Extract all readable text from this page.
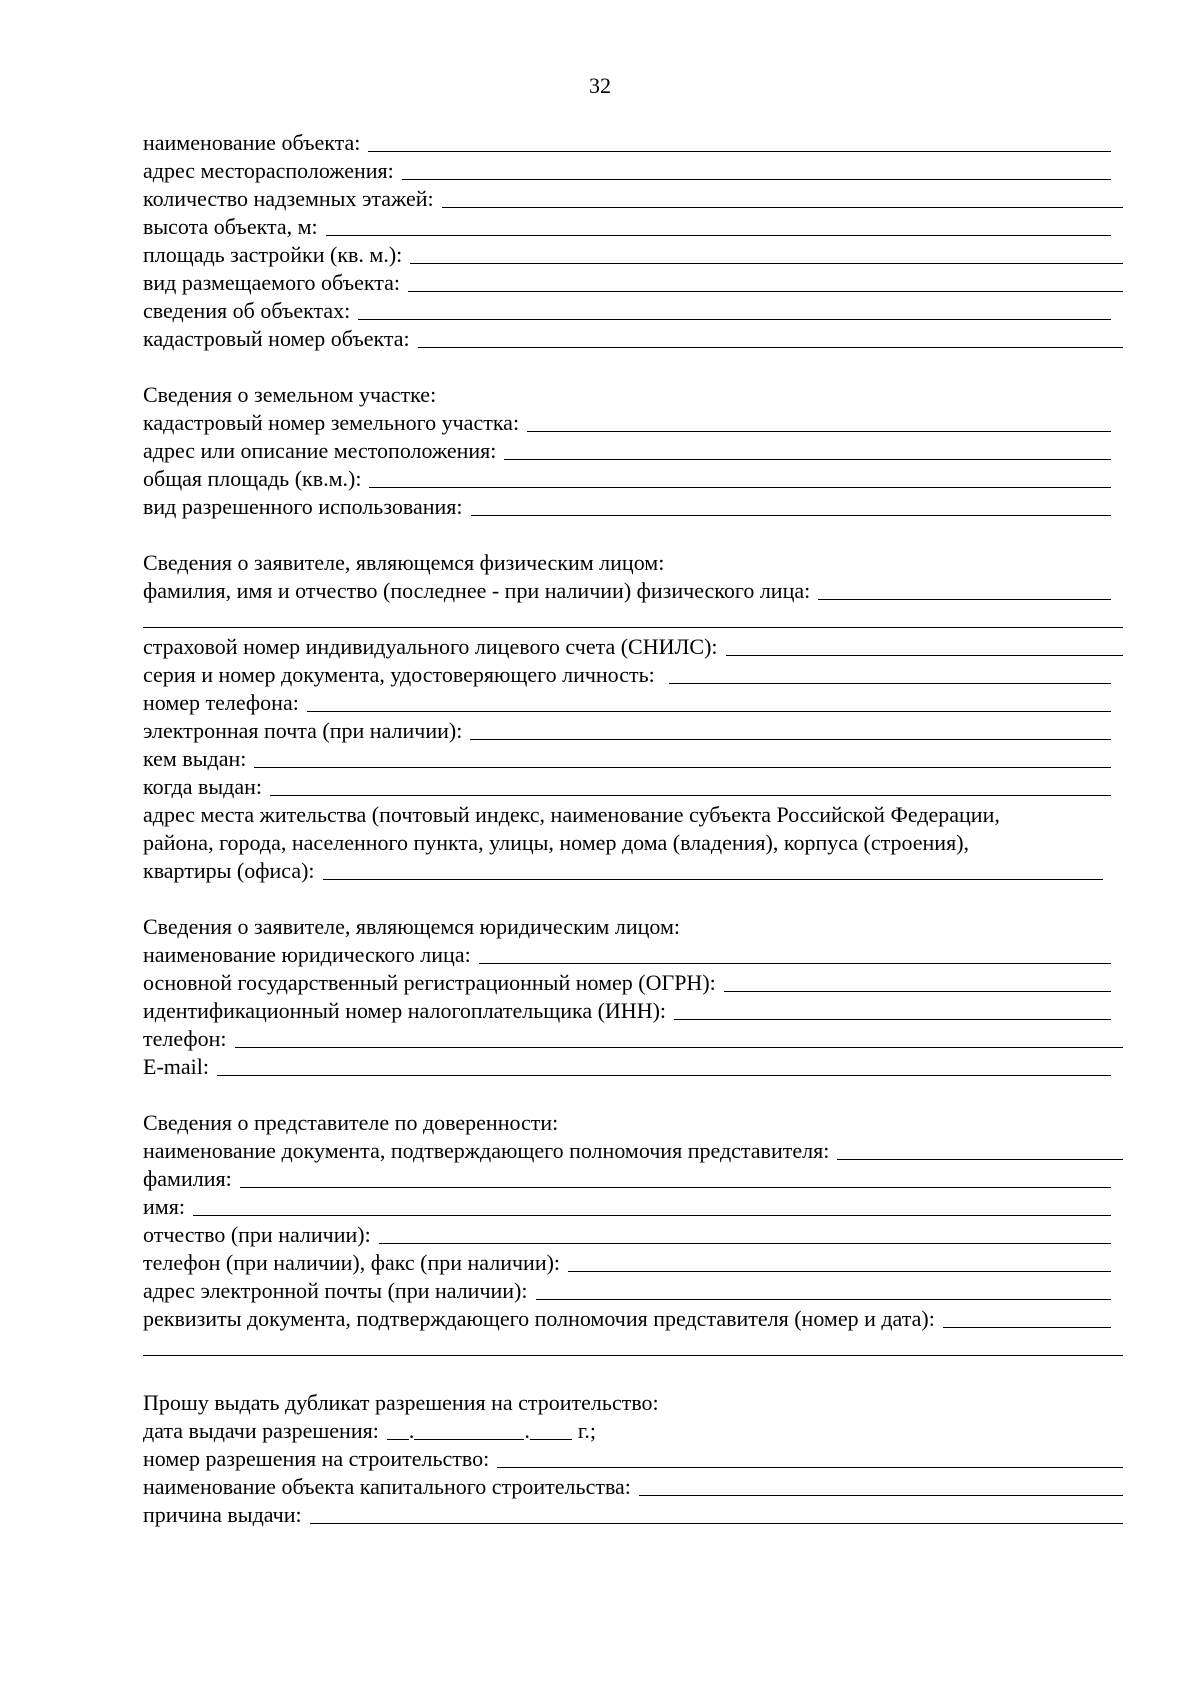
32
наименование объекта:
адрес месторасположения:
количество надземных этажей:
высота объекта, м:
площадь застройки (кв. м.):
вид размещаемого объекта:
сведения об объектах:
кадастровый номер объекта:
Сведения о земельном участке:
кадастровый номер земельного участка:
адрес или описание местоположения:
общая площадь (кв.м.):
вид разрешенного использования:
Сведения о заявителе, являющемся физическим лицом:
фамилия, имя и отчество (последнее - при наличии) физического лица:
страховой номер индивидуального лицевого счета (СНИЛС):
серия и номер документа, удостоверяющего личность:
номер телефона:
электронная почта (при наличии):
кем выдан:
когда выдан:
адрес места жительства (почтовый индекс, наименование субъекта Российской Федерации,
района, города, населенного пункта, улицы, номер дома (владения), корпуса (строения),
квартиры (офиса):
Сведения о заявителе, являющемся юридическим лицом:
наименование юридического лица:
основной государственный регистрационный номер (ОГРН):
идентификационный номер налогоплательщика (ИНН):
телефон:
E-mail:
Сведения о представителе по доверенности:
наименование документа, подтверждающего полномочия представителя:
фамилия:
имя:
отчество (при наличии):
телефон (при наличии), факс (при наличии):
адрес электронной почты (при наличии):
реквизиты документа, подтверждающего полномочия представителя (номер и дата):
Прошу выдать дубликат разрешения на строительство:
дата выдачи разрешения: .	. г.;
номер разрешения на строительство:
наименование объекта капитального строительства:
причина выдачи:
